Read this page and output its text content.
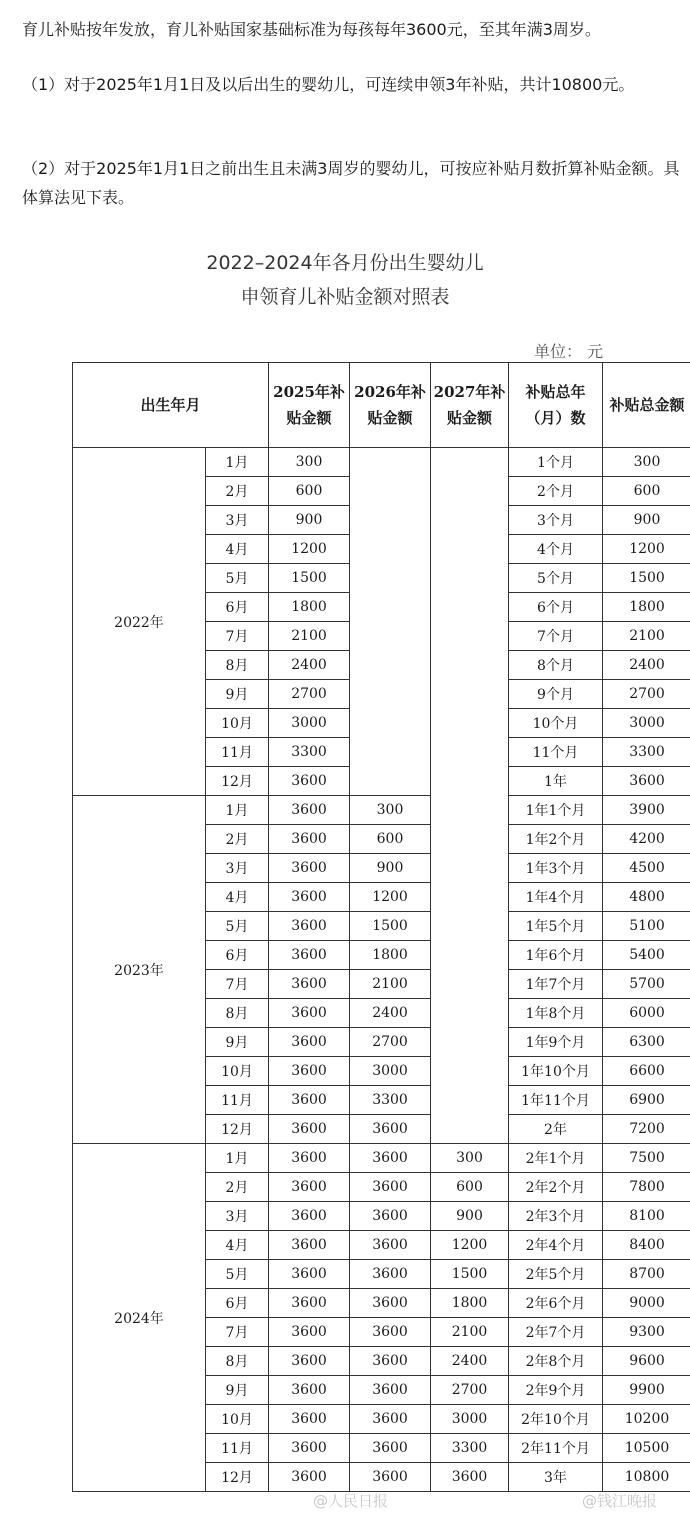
育儿补贴按年发放，育儿补贴国家基础标准为每孩每年3600元，至其年满3周岁。

（1）对于2025年1月1日及以后出生的婴幼儿，可连续申领3年补贴，共计10800元。

（2）对于2025年1月1日之前出生且未满3周岁的婴幼儿，可按应补贴月数折算补贴金额。具体算法见下表。

2022–2024年各月份出生婴幼儿
申领育儿补贴金额对照表
单位： 元
出生年月		2025年补贴金额	2026年补贴金额	2027年补贴金额	补贴总年（月）数	补贴总金额
2022年	1月	300			1个月	300
	2月	600			2个月	600
	3月	900			3个月	900
	4月	1200			4个月	1200
	5月	1500			5个月	1500
	6月	1800			6个月	1800
	7月	2100			7个月	2100
	8月	2400			8个月	2400
	9月	2700			9个月	2700
	10月	3000			10个月	3000
	11月	3300			11个月	3300
	12月	3600			1年	3600
2023年	1月	3600	300		1年1个月	3900
	2月	3600	600		1年2个月	4200
	3月	3600	900		1年3个月	4500
	4月	3600	1200		1年4个月	4800
	5月	3600	1500		1年5个月	5100
	6月	3600	1800		1年6个月	5400
	7月	3600	2100		1年7个月	5700
	8月	3600	2400		1年8个月	6000
	9月	3600	2700		1年9个月	6300
	10月	3600	3000		1年10个月	6600
	11月	3600	3300		1年11个月	6900
	12月	3600	3600		2年	7200
2024年	1月	3600	3600	300	2年1个月	7500
	2月	3600	3600	600	2年2个月	7800
	3月	3600	3600	900	2年3个月	8100
	4月	3600	3600	1200	2年4个月	8400
	5月	3600	3600	1500	2年5个月	8700
	6月	3600	3600	1800	2年6个月	9000
	7月	3600	3600	2100	2年7个月	9300
	8月	3600	3600	2400	2年8个月	9600
	9月	3600	3600	2700	2年9个月	9900
	10月	3600	3600	3000	2年10个月	10200
	11月	3600	3600	3300	2年11个月	10500
	12月	3600	3600	3600	3年	10800
@人民日报	@钱江晚报
